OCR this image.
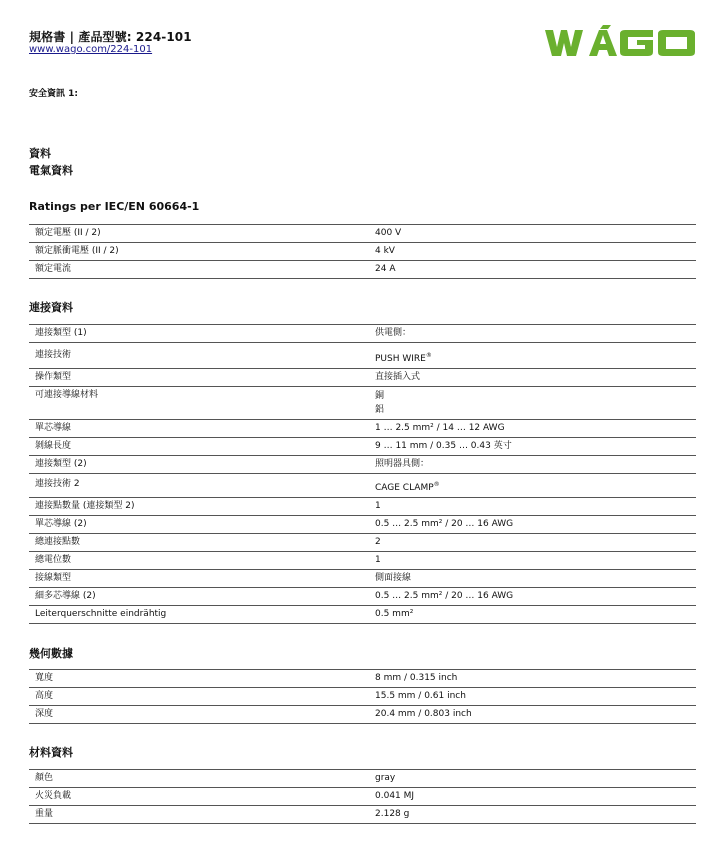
規格書 | 產品型號: 224-101
www.wago.com/224-101
安全資訊 1:
資料
電氣資料
Ratings per IEC/EN 60664-1
額定電壓 (II / 2)	400 V
額定脈衝電壓 (II / 2)	4 kV
額定電流	24 A
連接資料
連接類型 (1)	供電側：
連接技術	PUSH WIRE®
操作類型	直接插入式
可連接導線材料	銅
鋁

單芯導線	1 … 2.5 mm² / 14 … 12 AWG
剝線長度	9 … 11 mm / 0.35 … 0.43 英寸
連接類型 (2)	照明器具側：
連接技術 2	CAGE CLAMP®
連接點數量 (連接類型 2)	1
單芯導線 (2)	0.5 … 2.5 mm² / 20 … 16 AWG
總連接點數	2
總電位數	1
接線類型	側面接線
細多芯導線 (2)	0.5 … 2.5 mm² / 20 … 16 AWG
Leiterquerschnitte eindrähtig	0.5 mm²
幾何數據
寬度	8 mm / 0.315 inch
高度	15.5 mm / 0.61 inch
深度	20.4 mm / 0.803 inch
材料資料
顏色	gray
火災負載	0.041 MJ
重量	2.128 g
